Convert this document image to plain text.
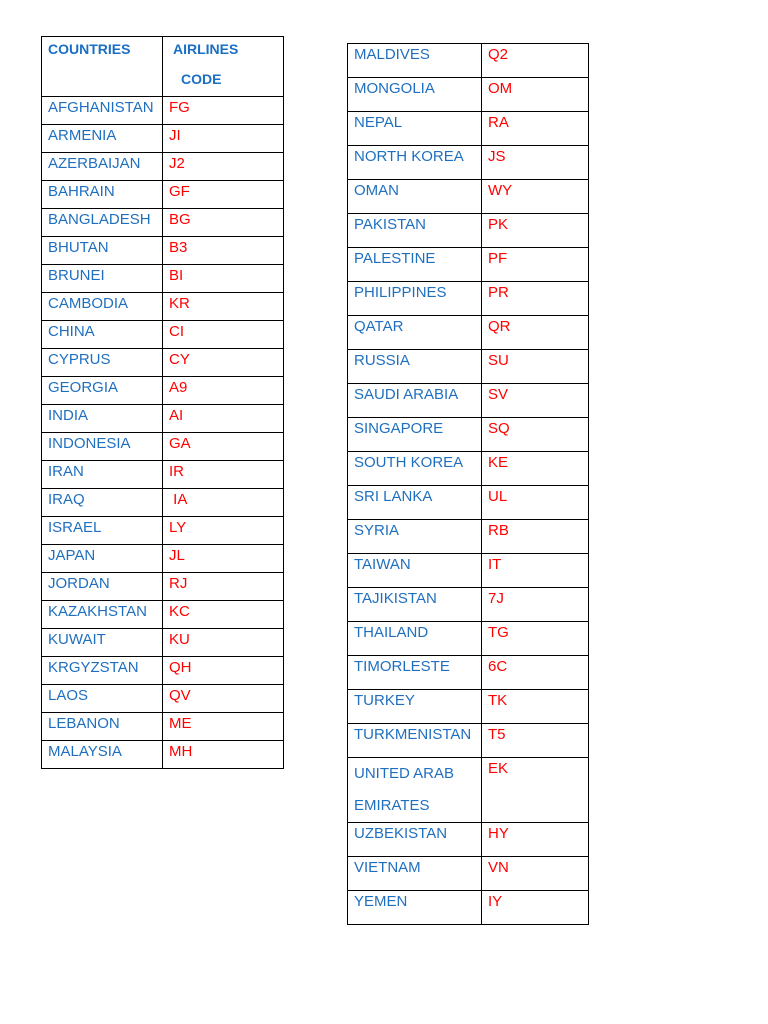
COUNTRIES	AIRLINES
CODE

AFGHANISTAN	FG
ARMENIA	JI
AZERBAIJAN	J2
BAHRAIN	GF
BANGLADESH	BG
BHUTAN	B3
BRUNEI	BI
CAMBODIA	KR
CHINA	CI
CYPRUS	CY
GEORGIA	A9
INDIA	AI
INDONESIA	GA
IRAN	IR
IRAQ	IA
ISRAEL	LY
JAPAN	JL
JORDAN	RJ
KAZAKHSTAN	KC
KUWAIT	KU
KRGYZSTAN	QH
LAOS	QV
LEBANON	ME
MALAYSIA	MH
MALDIVES	Q2
MONGOLIA	OM
NEPAL	RA
NORTH KOREA	JS
OMAN	WY
PAKISTAN	PK
PALESTINE	PF
PHILIPPINES	PR
QATAR	QR
RUSSIA	SU
SAUDI ARABIA	SV
SINGAPORE	SQ
SOUTH KOREA	KE
SRI LANKA	UL
SYRIA	RB
TAIWAN	IT
TAJIKISTAN	7J
THAILAND	TG
TIMORLESTE	6C
TURKEY	TK
TURKMENISTAN	T5
UNITED ARAB EMIRATES	EK
UZBEKISTAN	HY
VIETNAM	VN
YEMEN	IY
